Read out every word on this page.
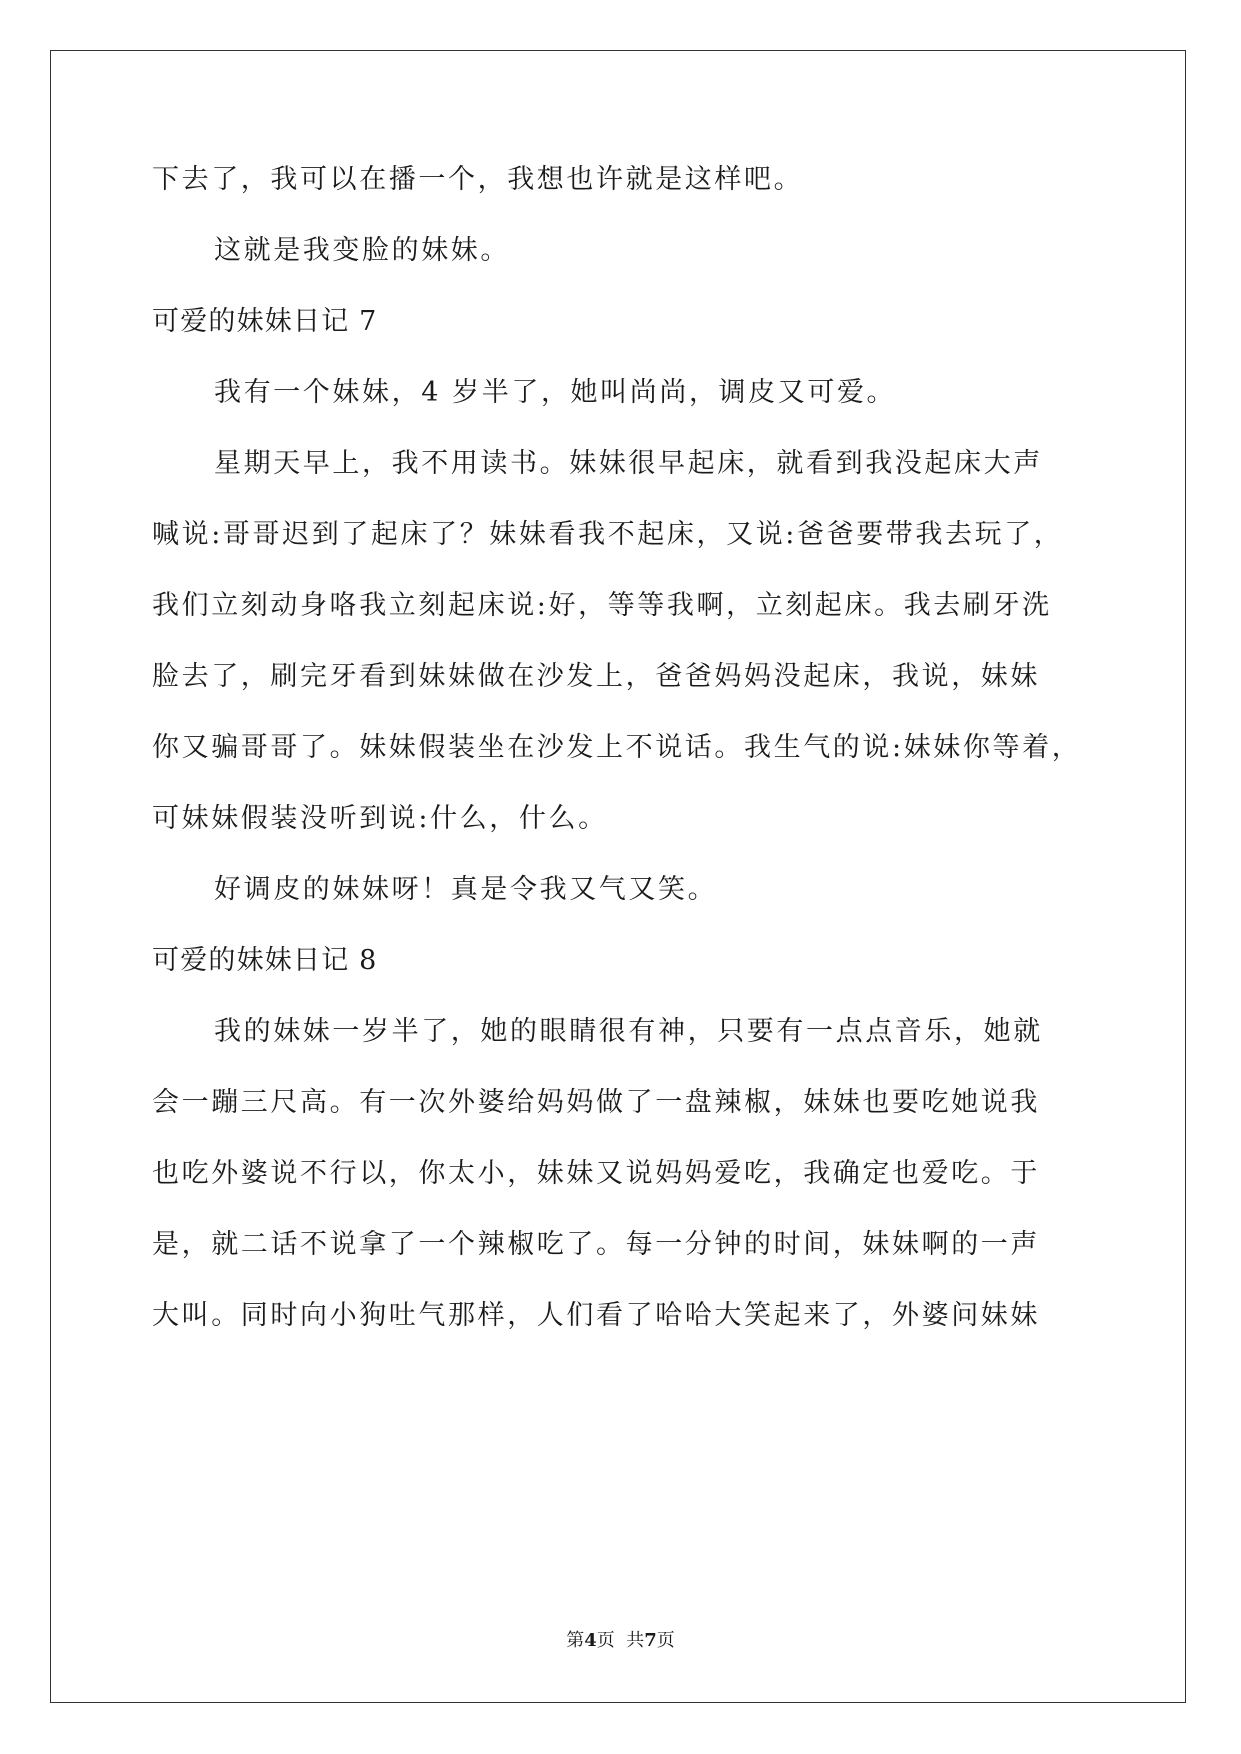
下去了，我可以在播一个，我想也许就是这样吧。
这就是我变脸的妹妹。
可爱的妹妹日记 7
我有一个妹妹，4 岁半了，她叫尚尚，调皮又可爱。
星期天早上，我不用读书。妹妹很早起床，就看到我没起床大声
喊说:哥哥迟到了起床了？妹妹看我不起床，又说:爸爸要带我去玩了，
我们立刻动身咯我立刻起床说:好，等等我啊，立刻起床。我去刷牙洗
脸去了，刷完牙看到妹妹做在沙发上，爸爸妈妈没起床，我说，妹妹
你又骗哥哥了。妹妹假装坐在沙发上不说话。我生气的说:妹妹你等着，
可妹妹假装没听到说:什么，什么。
好调皮的妹妹呀！真是令我又气又笑。
可爱的妹妹日记 8
我的妹妹一岁半了，她的眼睛很有神，只要有一点点音乐，她就
会一蹦三尺高。有一次外婆给妈妈做了一盘辣椒，妹妹也要吃她说我
也吃外婆说不行以，你太小，妹妹又说妈妈爱吃，我确定也爱吃。于
是，就二话不说拿了一个辣椒吃了。每一分钟的时间，妹妹啊的一声
大叫。同时向小狗吐气那样，人们看了哈哈大笑起来了，外婆问妹妹
第4页  共7页
